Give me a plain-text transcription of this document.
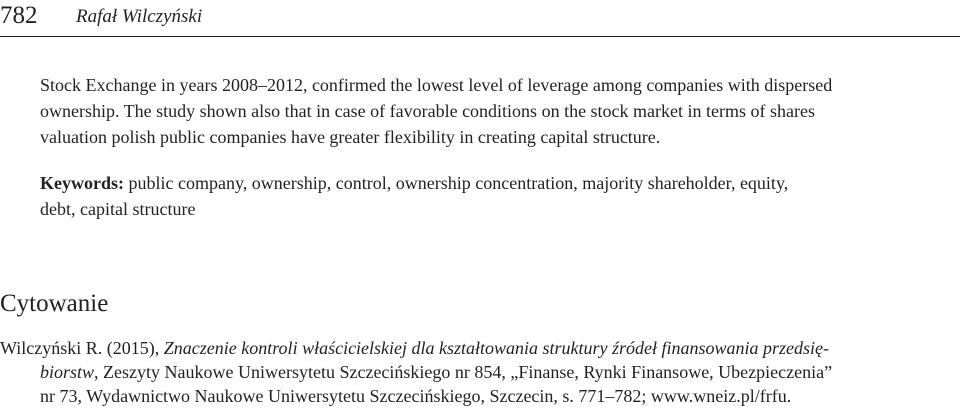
782 Rafał Wilczyński

Stock Exchange in years 2008–2012, confirmed the lowest level of leverage among companies with dispersed
ownership. The study shown also that in case of favorable conditions on the stock market in terms of shares
valuation polish public companies have greater flexibility in creating capital structure.

Keywords: public company, ownership, control, ownership concentration, majority shareholder, equity,
debt, capital structure

Cytowanie

Wilczyński R. (2015), Znaczenie kontroli właścicielskiej dla kształtowania struktury źródeł finansowania przedsię-
biorstw, Zeszyty Naukowe Uniwersytetu Szczecińskiego nr 854, „Finanse, Rynki Finansowe, Ubezpieczenia”
nr 73, Wydawnictwo Naukowe Uniwersytetu Szczecińskiego, Szczecin, s. 771–782; www.wneiz.pl/frfu.
